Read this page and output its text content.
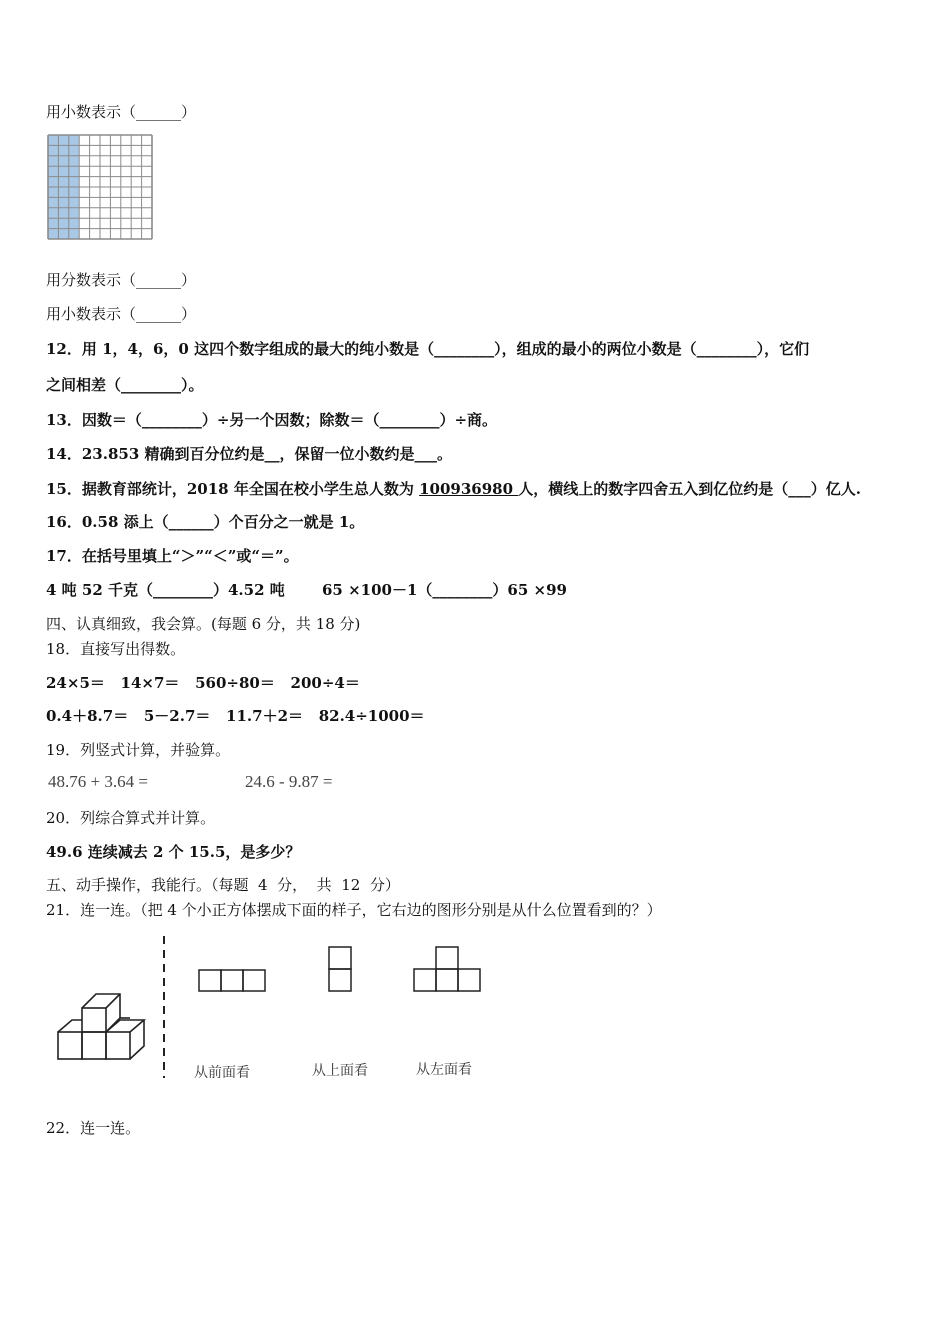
用小数表示（______）
用分数表示（______）
用小数表示（______）
12．用 1，4，6，0 这四个数字组成的最大的纯小数是（________），组成的最小的两位小数是（________），它们
之间相差（________）。
13．因数＝（________）÷另一个因数；除数＝（________）÷商。
14．23.853 精确到百分位约是__，保留一位小数约是___。
15．据教育部统计，2018 年全国在校小学生总人数为 100936980 人，横线上的数字四舍五入到亿位约是（___）亿人.
16．0.58 添上（______）个百分之一就是 1。
17．在括号里填上“＞”“＜”或“＝”。
4 吨 52 千克（________）4.52 吨 65 ×100－1（________）65 ×99
四、认真细致，我会算。(每题 6 分，共 18 分)
18．直接写出得数。
24×5＝   14×7＝   560÷80＝   200÷4＝
0.4＋8.7＝   5－2.7＝   11.7＋2＝   82.4÷1000＝
19．列竖式计算，并验算。
48.76 + 3.64 =	24.6 - 9.87 =
20．列综合算式并计算。
49.6 连续减去 2 个 15.5，是多少？
五、动手操作，我能行。（每题  4  分，  共  12  分）
21．连一连。（把 4 个小正方体摆成下面的样子，它右边的图形分别是从什么位置看到的？）
从前面看	从上面看	从左面看
22．连一连。
